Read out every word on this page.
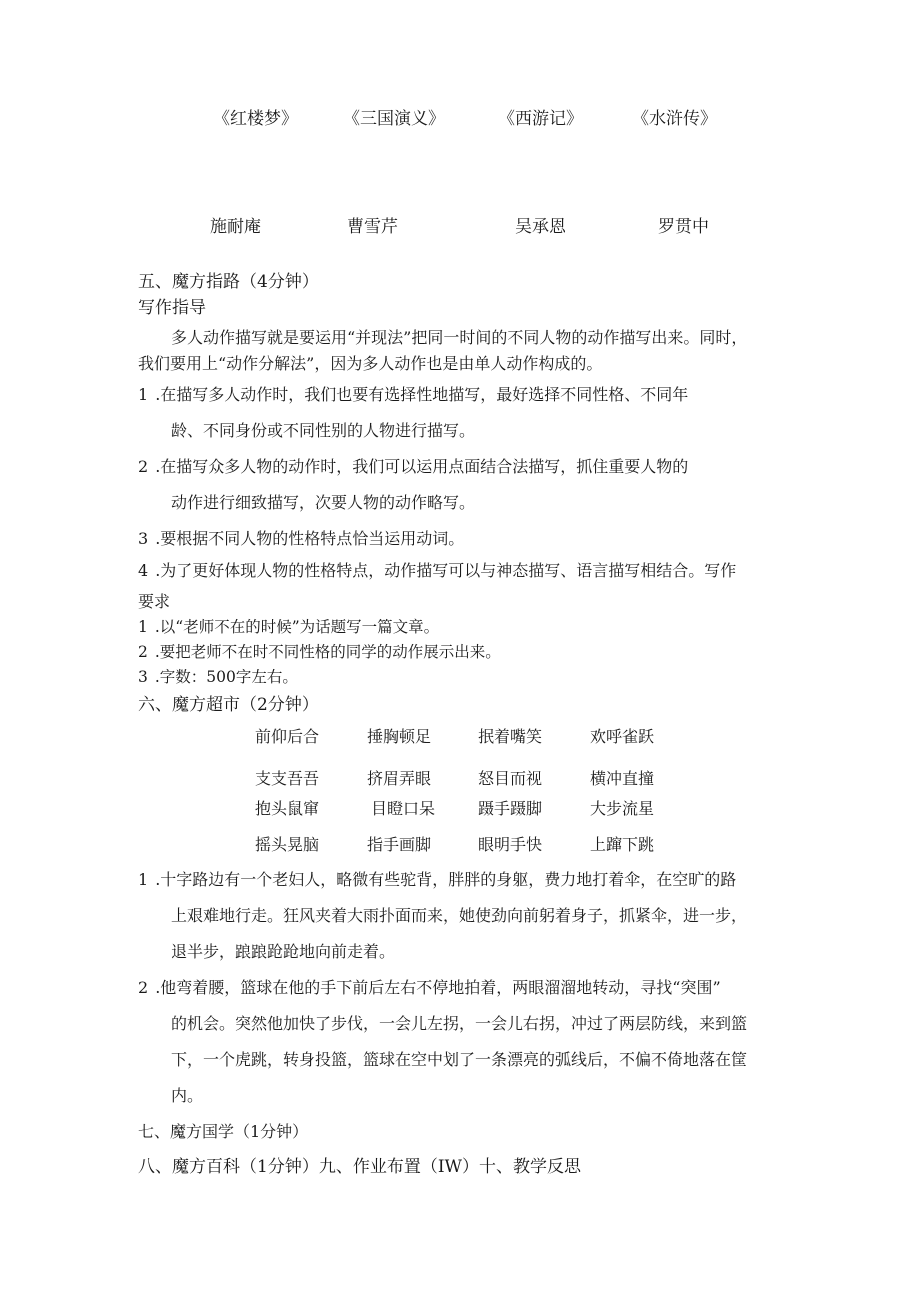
《红楼梦》	《三国演义》	《西游记》	《水浒传》
施耐庵	曹雪芹	吴承恩	罗贯中
五、魔方指路（4分钟）
写作指导
多人动作描写就是要运用“并现法”把同一时间的不同人物的动作描写出来。同时，
我们要用上“动作分解法”，因为多人动作也是由单人动作构成的。
1 .在描写多人动作时，我们也要有选择性地描写，最好选择不同性格、不同年
龄、不同身份或不同性别的人物进行描写。
2 .在描写众多人物的动作时，我们可以运用点面结合法描写，抓住重要人物的
动作进行细致描写，次要人物的动作略写。
3 .要根据不同人物的性格特点恰当运用动词。
4 .为了更好体现人物的性格特点，动作描写可以与神态描写、语言描写相结合。写作
要求
1 .以“老师不在的时候”为话题写一篇文章。
2 .要把老师不在时不同性格的同学的动作展示出来。
3 .字数：500字左右。
六、魔方超市（2分钟）
前仰后合	捶胸顿足	抿着嘴笑	欢呼雀跃
支支吾吾	挤眉弄眼	怒目而视	横冲直撞
抱头鼠窜	目瞪口呆	蹑手蹑脚	大步流星
摇头晃脑	指手画脚	眼明手快	上蹿下跳
1 .十字路边有一个老妇人，略微有些驼背，胖胖的身躯，费力地打着伞，在空旷的路
上艰难地行走。狂风夹着大雨扑面而来，她使劲向前躬着身子，抓紧伞，进一步，
退半步，踉踉跄跄地向前走着。
2 .他弯着腰，篮球在他的手下前后左右不停地拍着，两眼溜溜地转动，寻找“突围”
的机会。突然他加快了步伐，一会儿左拐，一会儿右拐，冲过了两层防线，来到篮
下，一个虎跳，转身投篮，篮球在空中划了一条漂亮的弧线后，不偏不倚地落在筐
内。
七、魔方国学（1分钟）
八、魔方百科（1分钟）九、作业布置（IW）十、教学反思
